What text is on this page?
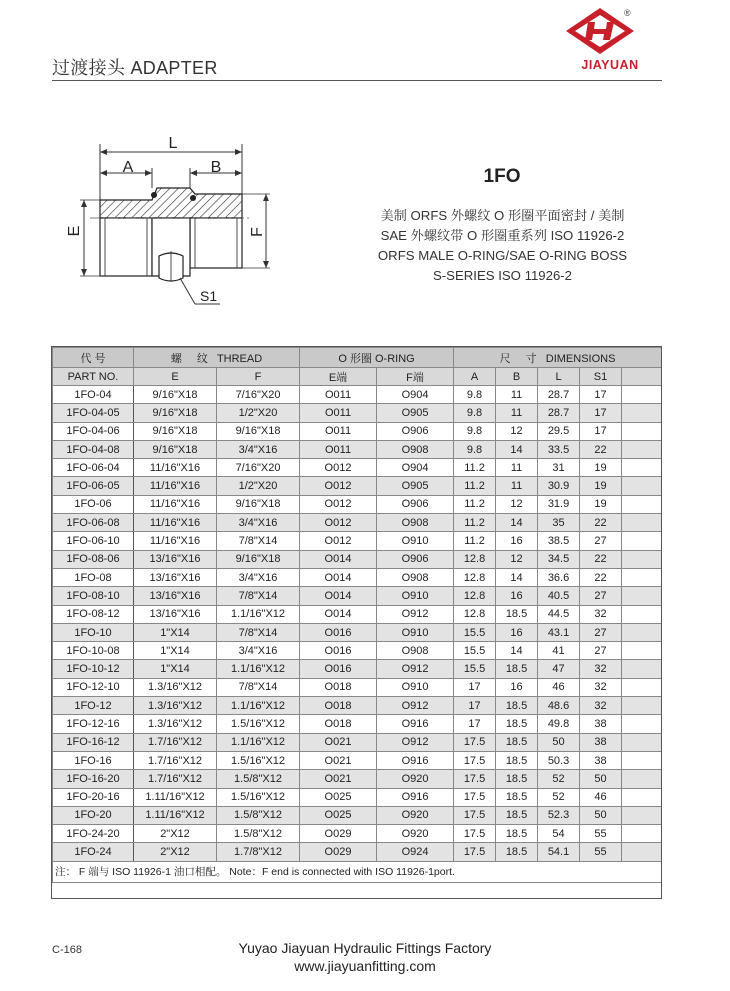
过渡接头 ADAPTER
®
JIAYUAN
L
A	B
E	F
S1
1FO
美制 ORFS 外螺纹 O 形圈平面密封 / 美制
SAE 外螺纹带 O 形圈重系列 ISO 11926-2
ORFS MALE O-RING/SAE O-RING BOSS
S-SERIES ISO 11926-2
代 号	螺 纹 THREAD		O 形圈 O-RING		尺 寸 DIMENSIONS				
PART NO.	E	F	E端	F端	A	B	L	S1	
1FO-04	9/16"X18	7/16"X20	O011	O904	9.8	11	28.7	17	
1FO-04-05	9/16"X18	1/2"X20	O011	O905	9.8	11	28.7	17	
1FO-04-06	9/16"X18	9/16"X18	O011	O906	9.8	12	29.5	17	
1FO-04-08	9/16"X18	3/4"X16	O011	O908	9.8	14	33.5	22	
1FO-06-04	11/16"X16	7/16"X20	O012	O904	11.2	11	31	19	
1FO-06-05	11/16"X16	1/2"X20	O012	O905	11.2	11	30.9	19	
1FO-06	11/16"X16	9/16"X18	O012	O906	11.2	12	31.9	19	
1FO-06-08	11/16"X16	3/4"X16	O012	O908	11.2	14	35	22	
1FO-06-10	11/16"X16	7/8"X14	O012	O910	11.2	16	38.5	27	
1FO-08-06	13/16"X16	9/16"X18	O014	O906	12.8	12	34.5	22	
1FO-08	13/16"X16	3/4"X16	O014	O908	12.8	14	36.6	22	
1FO-08-10	13/16"X16	7/8"X14	O014	O910	12.8	16	40.5	27	
1FO-08-12	13/16"X16	1.1/16"X12	O014	O912	12.8	18.5	44.5	32	
1FO-10	1"X14	7/8"X14	O016	O910	15.5	16	43.1	27	
1FO-10-08	1"X14	3/4"X16	O016	O908	15.5	14	41	27	
1FO-10-12	1"X14	1.1/16"X12	O016	O912	15.5	18.5	47	32	
1FO-12-10	1.3/16"X12	7/8"X14	O018	O910	17	16	46	32	
1FO-12	1.3/16"X12	1.1/16"X12	O018	O912	17	18.5	48.6	32	
1FO-12-16	1.3/16"X12	1.5/16"X12	O018	O916	17	18.5	49.8	38	
1FO-16-12	1.7/16"X12	1.1/16"X12	O021	O912	17.5	18.5	50	38	
1FO-16	1.7/16"X12	1.5/16"X12	O021	O916	17.5	18.5	50.3	38	
1FO-16-20	1.7/16"X12	1.5/8"X12	O021	O920	17.5	18.5	52	50	
1FO-20-16	1.11/16"X12	1.5/16"X12	O025	O916	17.5	18.5	52	46	
1FO-20	1.11/16"X12	1.5/8"X12	O025	O920	17.5	18.5	52.3	50	
1FO-24-20	2"X12	1.5/8"X12	O029	O920	17.5	18.5	54	55	
1FO-24	2"X12	1.7/8"X12	O029	O924	17.5	18.5	54.1	55	
注： F 端与 ISO 11926-1 油口相配。 Note：F end is connected with ISO 11926-1port.									
C-168	Yuyao Jiayuan Hydraulic Fittings Factory
www.jiayuanfitting.com
